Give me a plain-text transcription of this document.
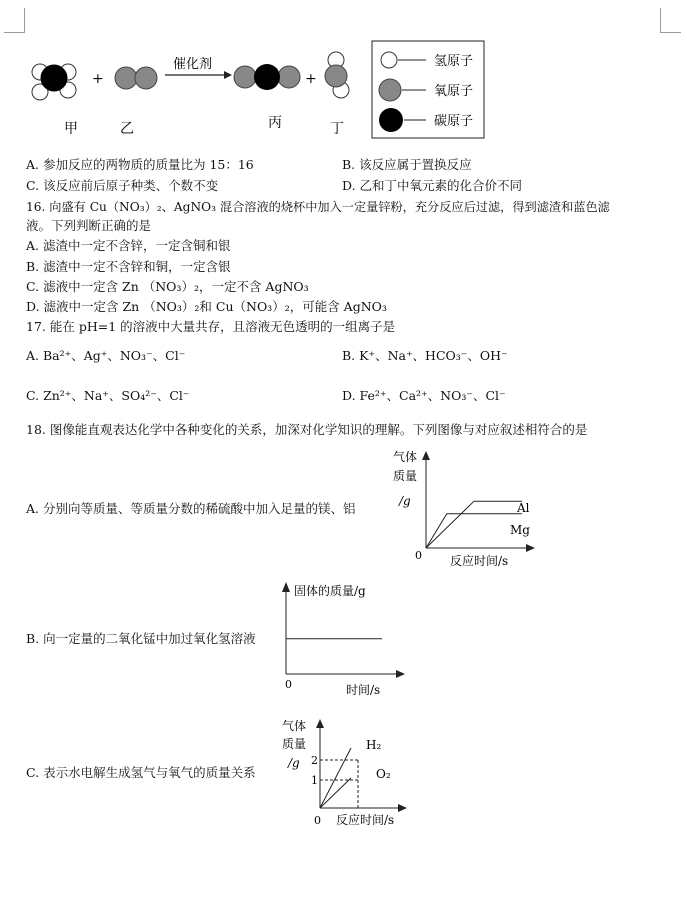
+
催化剂
+
甲	乙	丙	丁
氢原子
氧原子
碳原子
A. 参加反应的两物质的质量比为 15：16	B. 该反应属于置换反应
C. 该反应前后原子种类、个数不变	D. 乙和丁中氧元素的化合价不同
16. 向盛有 Cu（NO₃）₂、AgNO₃ 混合溶液的烧杯中加入一定量锌粉，充分反应后过滤，得到滤渣和蓝色滤
液。下列判断正确的是
A. 滤渣中一定不含锌，一定含铜和银
B. 滤渣中一定不含锌和铜，一定含银
C. 滤液中一定含 Zn （NO₃）₂，一定不含 AgNO₃
D. 滤液中一定含 Zn （NO₃）₂和 Cu（NO₃）₂，可能含 AgNO₃
17. 能在 pH=1 的溶液中大量共存，且溶液无色透明的一组离子是
A. Ba²⁺、Ag⁺、NO₃⁻、Cl⁻	B. K⁺、Na⁺、HCO₃⁻、OH⁻
C. Zn²⁺、Na⁺、SO₄²⁻、Cl⁻	D. Fe²⁺、Ca²⁺、NO₃⁻、Cl⁻
18. 图像能直观表达化学中各种变化的关系，加深对化学知识的理解。下列图像与对应叙述相符合的是
A. 分别向等质量、等质量分数的稀硫酸中加入足量的镁、铝
气体
质量
/g
0 反应时间/s
Al
Mg
B. 向一定量的二氧化锰中加过氧化氢溶液
固体的质量/g
0	时间/s
C. 表示水电解生成氢气与氧气的质量关系
气体
质量
/g 2
1
0 反应时间/s
H₂
O₂
